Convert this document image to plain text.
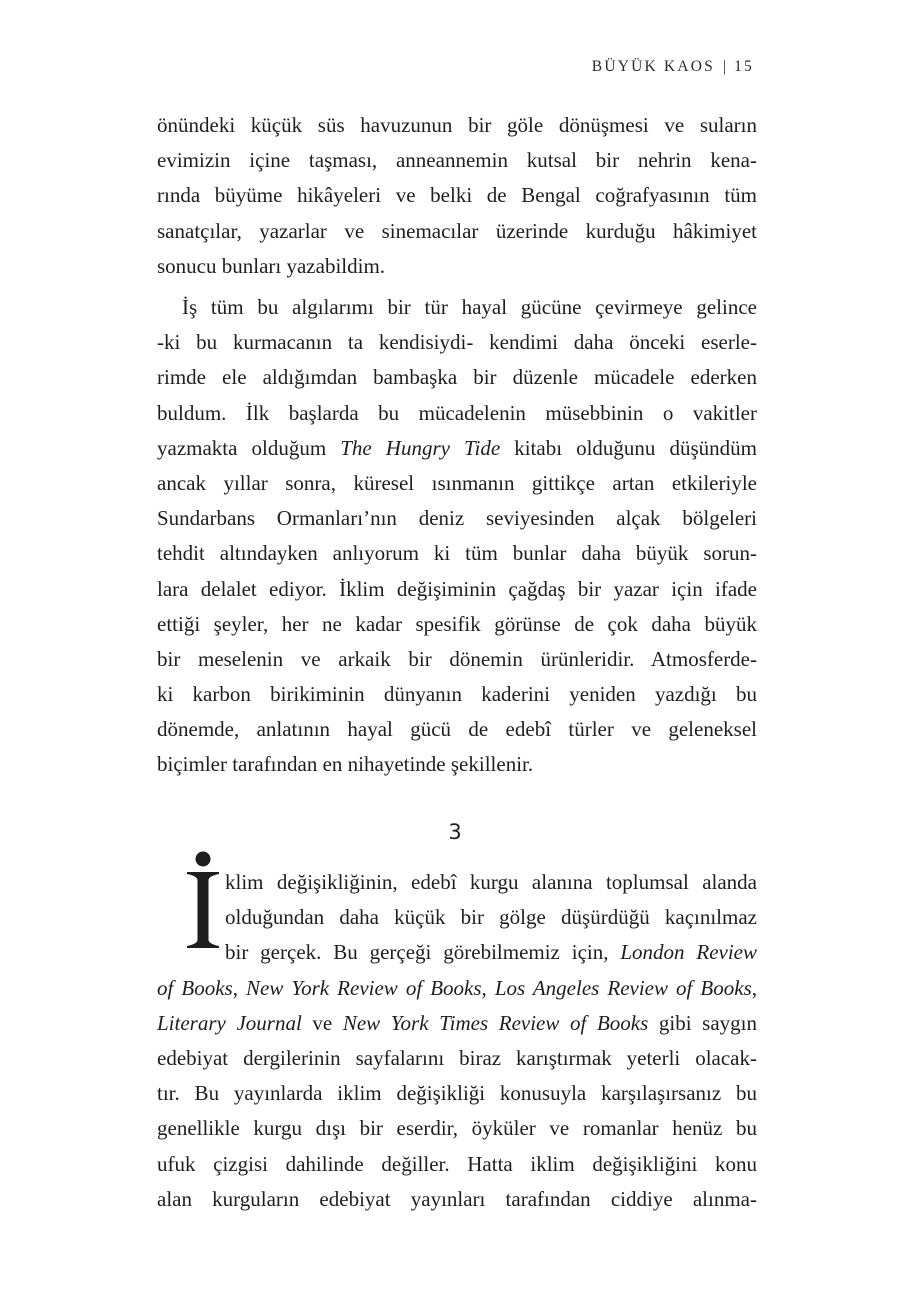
BÜYÜK KAOS | 15
önündeki küçük süs havuzunun bir göle dönüşmesi ve suların
evimizin içine taşması, anneannemin kutsal bir nehrin kena-
rında büyüme hikâyeleri ve belki de Bengal coğrafyasının tüm
sanatçılar, yazarlar ve sinemacılar üzerinde kurduğu hâkimiyet
sonucu bunları yazabildim.
İş tüm bu algılarımı bir tür hayal gücüne çevirmeye gelince
-ki bu kurmacanın ta kendisiydi- kendimi daha önceki eserle-
rimde ele aldığımdan bambaşka bir düzenle mücadele ederken
buldum. İlk başlarda bu mücadelenin müsebbinin o vakitler
yazmakta olduğum The Hungry Tide kitabı olduğunu düşündüm
ancak yıllar sonra, küresel ısınmanın gittikçe artan etkileriyle
Sundarbans Ormanları’nın deniz seviyesinden alçak bölgeleri
tehdit altındayken anlıyorum ki tüm bunlar daha büyük sorun-
lara delalet ediyor. İklim değişiminin çağdaş bir yazar için ifade
ettiği şeyler, her ne kadar spesifik görünse de çok daha büyük
bir meselenin ve arkaik bir dönemin ürünleridir. Atmosferde-
ki karbon birikiminin dünyanın kaderini yeniden yazdığı bu
dönemde, anlatının hayal gücü de edebî türler ve geleneksel
biçimler tarafından en nihayetinde şekillenir.
3
klim değişikliğinin, edebî kurgu alanına toplumsal alanda
olduğundan daha küçük bir gölge düşürdüğü kaçınılmaz
bir gerçek. Bu gerçeği görebilmemiz için, London Review
of Books, New York Review of Books, Los Angeles Review of Books,
Literary Journal ve New York Times Review of Books gibi saygın
edebiyat dergilerinin sayfalarını biraz karıştırmak yeterli olacak-
tır. Bu yayınlarda iklim değişikliği konusuyla karşılaşırsanız bu
genellikle kurgu dışı bir eserdir, öyküler ve romanlar henüz bu
ufuk çizgisi dahilinde değiller. Hatta iklim değişikliğini konu
alan kurguların edebiyat yayınları tarafından ciddiye alınma-
